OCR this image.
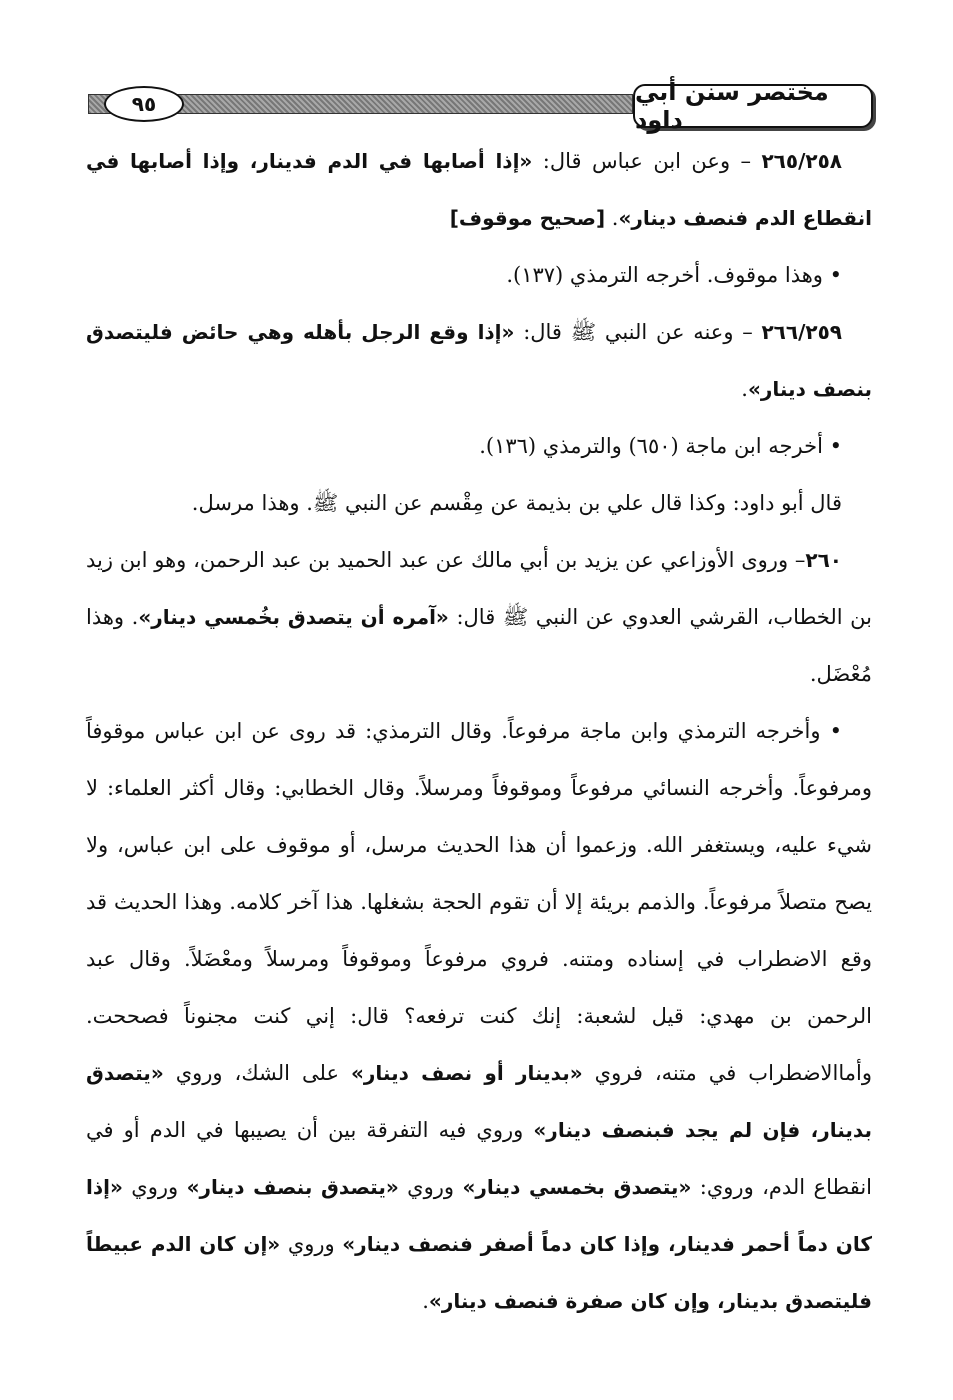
٩٥	مختصر سنن أبي داود

٢٦٥/٢٥٨ – وعن ابن عباس قال: «إذا أصابها في الدم فدينار، وإذا أصابها في انقطاع الدم فنصف دينار». [صحيح موقوف]

• وهذا موقوف. أخرجه الترمذي (١٣٧).

٢٦٦/٢٥٩ – وعنه عن النبي ﷺ قال: «إذا وقع الرجل بأهله وهي حائض فليتصدق بنصف دينار».

• أخرجه ابن ماجة (٦٥٠) والترمذي (١٣٦).

قال أبو داود: وكذا قال علي بن بذيمة عن مِقْسم عن النبي ﷺ. وهذا مرسل.

٢٦٠– وروى الأوزاعي عن يزيد بن أبي مالك عن عبد الحميد بن عبد الرحمن، وهو ابن زيد بن الخطاب، القرشي العدوي عن النبي ﷺ قال: «آمره أن يتصدق بخُمسي دينار». وهذا مُعْضَل.

• وأخرجه الترمذي وابن ماجة مرفوعاً. وقال الترمذي: قد روى عن ابن عباس موقوفاً ومرفوعاً. وأخرجه النسائي مرفوعاً وموقوفاً ومرسلاً. وقال الخطابي: وقال أكثر العلماء: لا شيء عليه، ويستغفر الله. وزعموا أن هذا الحديث مرسل، أو موقوف على ابن عباس، ولا يصح متصلاً مرفوعاً. والذمم بريئة إلا أن تقوم الحجة بشغلها. هذا آخر كلامه. وهذا الحديث قد وقع الاضطراب في إسناده ومتنه. فروي مرفوعاً وموقوفاً ومرسلاً ومعْضَلاً. وقال عبد الرحمن بن مهدي: قيل لشعبة: إنك كنت ترفعه؟ قال: إني كنت مجنوناً فصححت. وأماالاضطراب في متنه، فروي «بدينار أو نصف دينار» على الشك، وروي «يتصدق بدينار، فإن لم يجد فبنصف دينار» وروي فيه التفرقة بين أن يصيبها في الدم أو في انقطاع الدم، وروي: «يتصدق بخمسي دينار» وروي «يتصدق بنصف دينار» وروي «إذا كان دماً أحمر فدينار، وإذا كان دماً أصفر فنصف دينار» وروي «إن كان الدم عبيطاً فليتصدق بدينار، وإن كان صفرة فنصف دينار».
